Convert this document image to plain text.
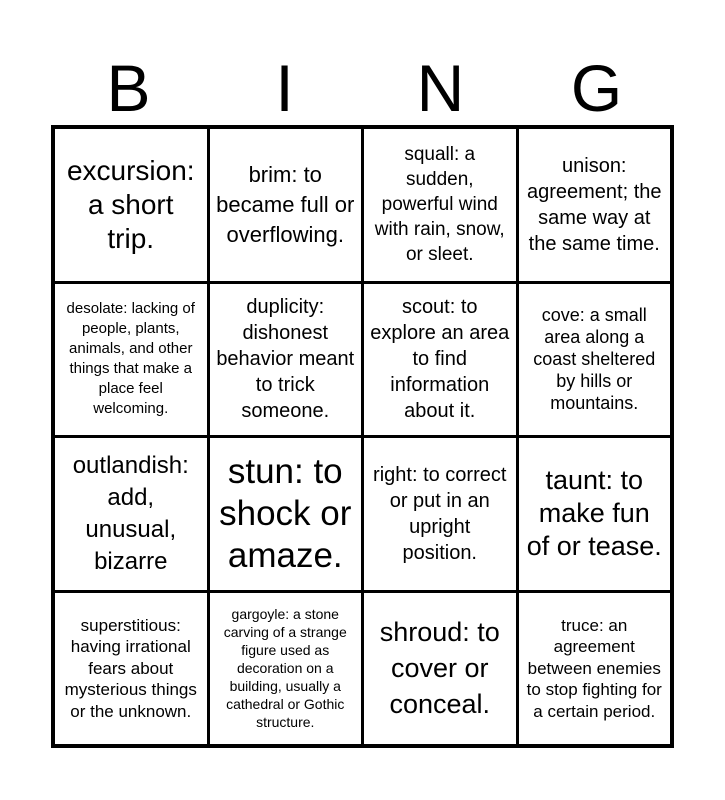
B	I	N	G
excursion: a short trip.
brim: to became full or overflowing.
squall: a sudden, powerful wind with rain, snow, or sleet.
unison: agreement; the same way at the same time.
desolate: lacking of people, plants, animals, and other things that make a place feel welcoming.
duplicity: dishonest behavior meant to trick someone.
scout: to explore an area to find information about it.
cove: a small area along a coast sheltered by hills or mountains.
outlandish: add, unusual, bizarre
stun: to shock or amaze.
right: to correct or put in an upright position.
taunt: to make fun of or tease.
superstitious: having irrational fears about mysterious things or the unknown.
gargoyle: a stone carving of a strange figure used as decoration on a building, usually a cathedral or Gothic structure.
shroud: to cover or conceal.
truce: an agreement between enemies to stop fighting for a certain period.
